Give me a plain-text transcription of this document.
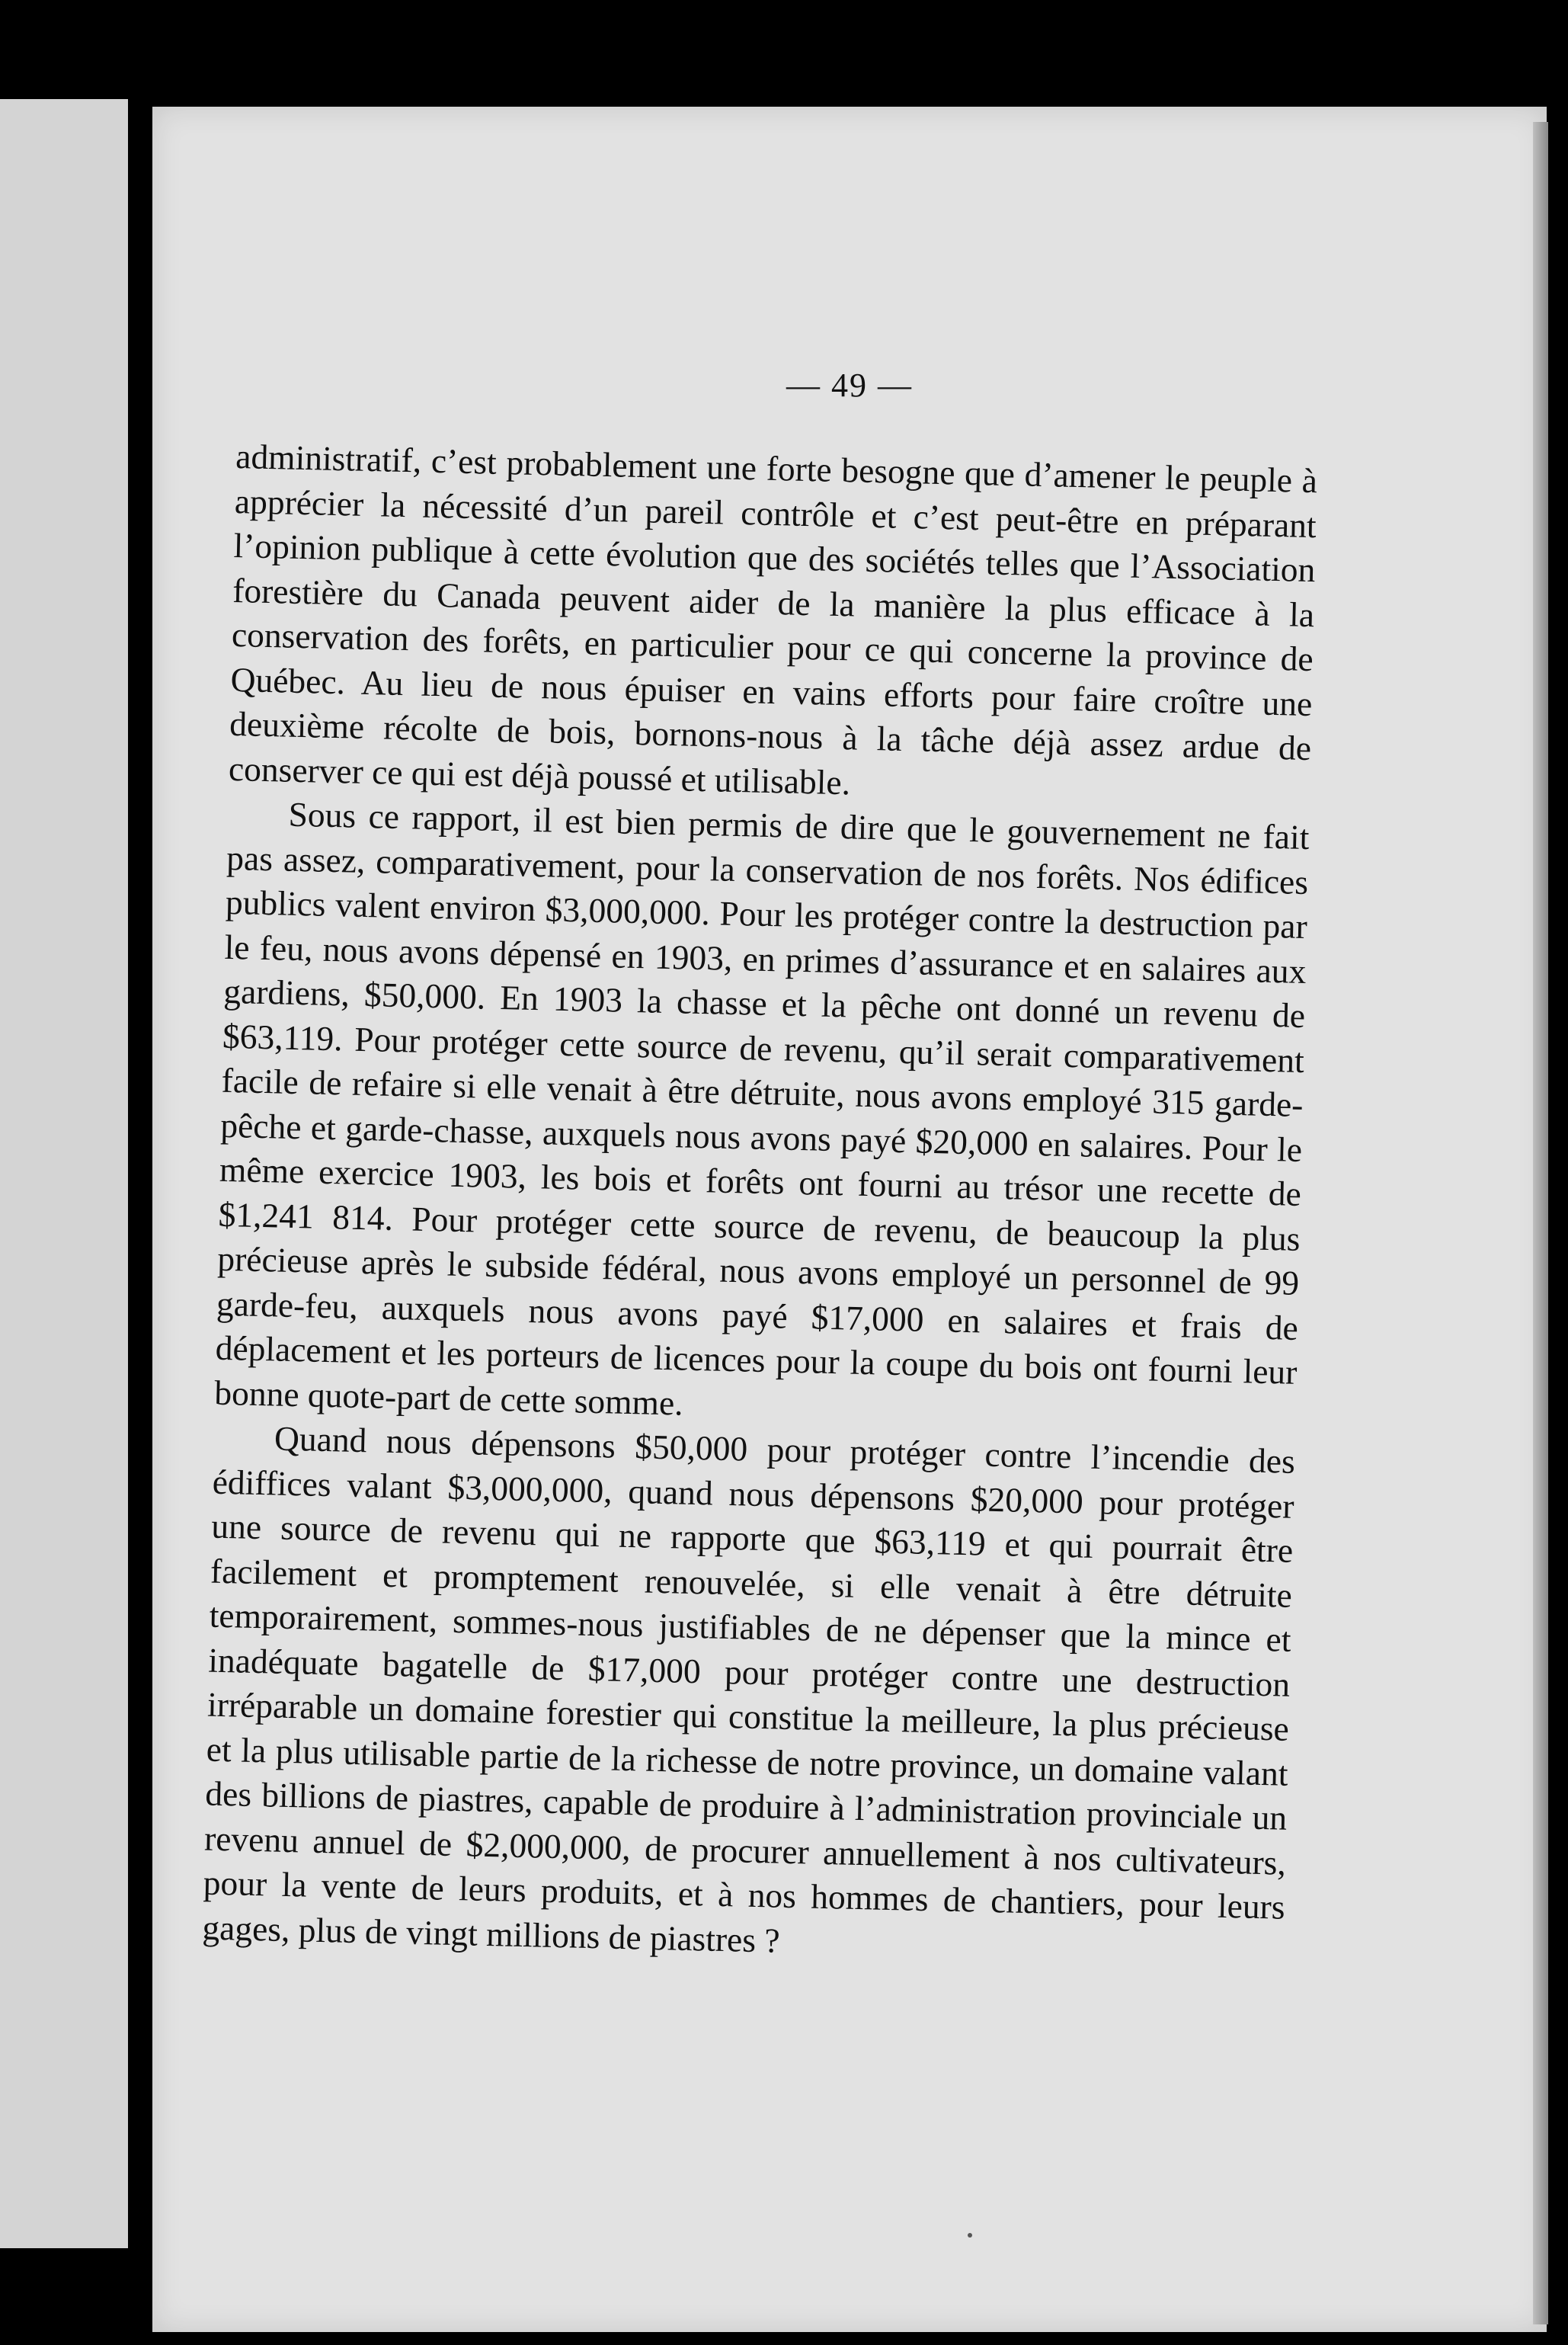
— 49 —

administratif, c’est probablement une forte besogne que d’amener le peuple à apprécier la nécessité d’un pareil contrôle et c’est peut-être en préparant l’opinion publique à cette évolution que des sociétés telles que l’Association forestière du Canada peuvent aider de la manière la plus efficace à la conservation des forêts, en particulier pour ce qui concerne la province de Québec. Au lieu de nous épuiser en vains efforts pour faire croître une deuxième récolte de bois, bornons-nous à la tâche déjà assez ardue de conserver ce qui est déjà poussé et utilisable.

Sous ce rapport, il est bien permis de dire que le gouvernement ne fait pas assez, comparativement, pour la conservation de nos forêts. Nos édifices publics valent environ $3,000,000. Pour les protéger contre la destruction par le feu, nous avons dépensé en 1903, en primes d’assurance et en salaires aux gardiens, $50,000. En 1903 la chasse et la pêche ont donné un revenu de $63,119. Pour protéger cette source de revenu, qu’il serait comparativement facile de refaire si elle venait à être détruite, nous avons employé 315 garde-pêche et garde-chasse, auxquels nous avons payé $20,000 en salaires. Pour le même exercice 1903, les bois et forêts ont fourni au trésor une recette de $1,241 814. Pour protéger cette source de revenu, de beaucoup la plus précieuse après le subside fédéral, nous avons employé un personnel de 99 garde-feu, auxquels nous avons payé $17,000 en salaires et frais de déplacement et les porteurs de licences pour la coupe du bois ont fourni leur bonne quote-part de cette somme.

Quand nous dépensons $50,000 pour protéger contre l’incendie des édiffices valant $3,000,000, quand nous dépensons $20,000 pour protéger une source de revenu qui ne rapporte que $63,119 et qui pourrait être facilement et promptement renouvelée, si elle venait à être détruite temporairement, sommes-nous justifiables de ne dépenser que la mince et inadéquate bagatelle de $17,000 pour protéger contre une destruction irréparable un domaine forestier qui constitue la meilleure, la plus précieuse et la plus utilisable partie de la richesse de notre province, un domaine valant des billions de piastres, capable de produire à l’administration provinciale un revenu annuel de $2,000,000, de procurer annuellement à nos cultivateurs, pour la vente de leurs produits, et à nos hommes de chantiers, pour leurs gages, plus de vingt millions de piastres ?
